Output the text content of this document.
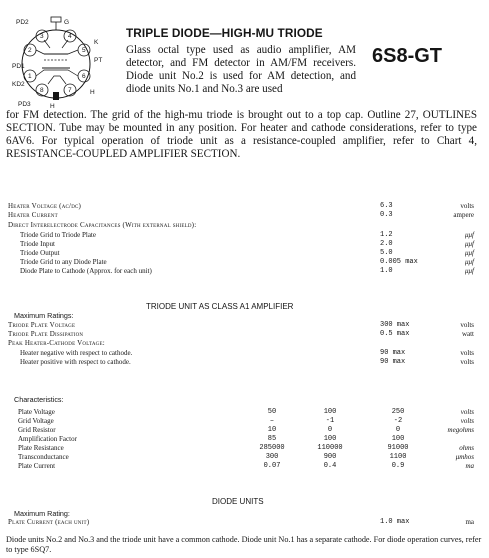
3
2
1
8	7
6
5
4
PD2	G
K
PT
PD1
KD2
PD3	H
H
TRIPLE DIODE—HIGH-MU TRIODE
6S8-GT
Glass octal type used as audio amplifier, AM detector, and FM detector in AM/FM receivers. Diode unit No.2 is used for AM detection, and diode units No.1 and No.3 are used
for FM detection. The grid of the high-mu triode is brought out to a top cap. Outline 27, OUTLINES SECTION. Tube may be mounted in any position. For heater and cathode considerations, refer to type 6AV6. For typical operation of triode unit as a resistance-coupled amplifier, refer to Chart 4, RESISTANCE-COUPLED AMPLIFIER SECTION.
Heater Voltage (ac/dc)	6.3	volts
Heater Current	0.3	ampere
Direct Interelectrode Capacitances (With external shield):
Triode Grid to Triode Plate	1.2	μμf
Triode Input	2.0	μμf
Triode Output	5.0	μμf
Triode Grid to any Diode Plate	0.005 max	μμf
Diode Plate to Cathode (Approx. for each unit)	1.0	μμf
Maximum Ratings:
TRIODE UNIT AS CLASS A1 AMPLIFIER
Triode Plate Voltage	300 max	volts
Triode Plate Dissipation	0.5 max	watt
Peak Heater-Cathode Voltage:
Heater negative with respect to cathode.	90 max	volts
Heater positive with respect to cathode.	90 max	volts
Characteristics:
Plate Voltage	50	100	250	volts
Grid Voltage	–	-1	-2	volts
Grid Resistor	10	0	0	megohms
Amplification Factor	85	100	100
Plate Resistance	285000	110000	91000	ohms
Transconductance	300	900	1100	μmhos
Plate Current	0.07	0.4	0.9	ma
DIODE UNITS
Maximum Rating:
Plate Current (each unit)	1.0 max	ma
Diode units No.2 and No.3 and the triode unit have a common cathode. Diode unit No.1 has a separate cathode. For diode operation curves, refer to type 6SQ7.
